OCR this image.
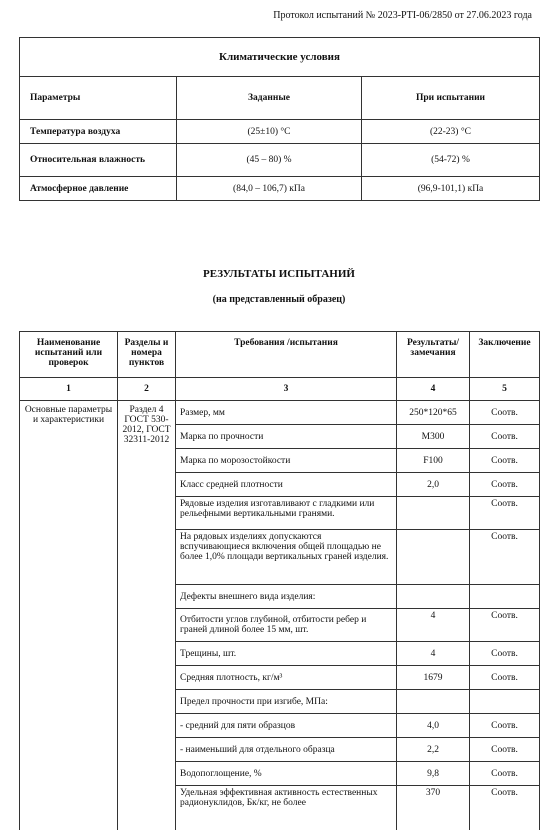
Протокол испытаний № 2023-PTI-06/2850 от 27.06.2023 года
Климатические условия		
Параметры	Заданные	При испытании
Температура воздуха	(25±10) °С	(22-23) °С
Относительная влажность	(45 – 80) %	(54-72) %
Атмосферное давление	(84,0 – 106,7) кПа	(96,9-101,1) кПа
РЕЗУЛЬТАТЫ ИСПЫТАНИЙ
(на представленный образец)
Наименование испытаний или проверок	Разделы и номера пунктов	Требования /испытания	Результаты/ замечания	Заключение
1	2	3	4	5
Основные параметры и характеристики	Раздел 4 ГОСТ 530-2012, ГОСТ 32311-2012	Размер, мм	250*120*65	Соотв.
		Марка по прочности	М300	Соотв.
		Марка по морозостойкости	F100	Соотв.
		Класс средней плотности	2,0	Соотв.
		Рядовые изделия изготавливают с гладкими или рельефными вертикальными гранями.		Соотв.
		На рядовых изделиях допускаются вспучивающиеся включения общей площадью не более 1,0% площади вертикальных граней изделия.		Соотв.
		Дефекты внешнего вида изделия:		
		Отбитости углов глубиной, отбитости ребер и граней длиной более 15 мм, шт.	4	Соотв.
		Трещины, шт.	4	Соотв.
		Средняя плотность, кг/м³	1679	Соотв.
		Предел прочности при изгибе, МПа:		
		- средний для пяти образцов	4,0	Соотв.
		- наименьший для отдельного образца	2,2	Соотв.
		Водопоглощение, %	9,8	Соотв.
		Удельная эффективная активность естественных радионуклидов, Бк/кг, не более	370	Соотв.
